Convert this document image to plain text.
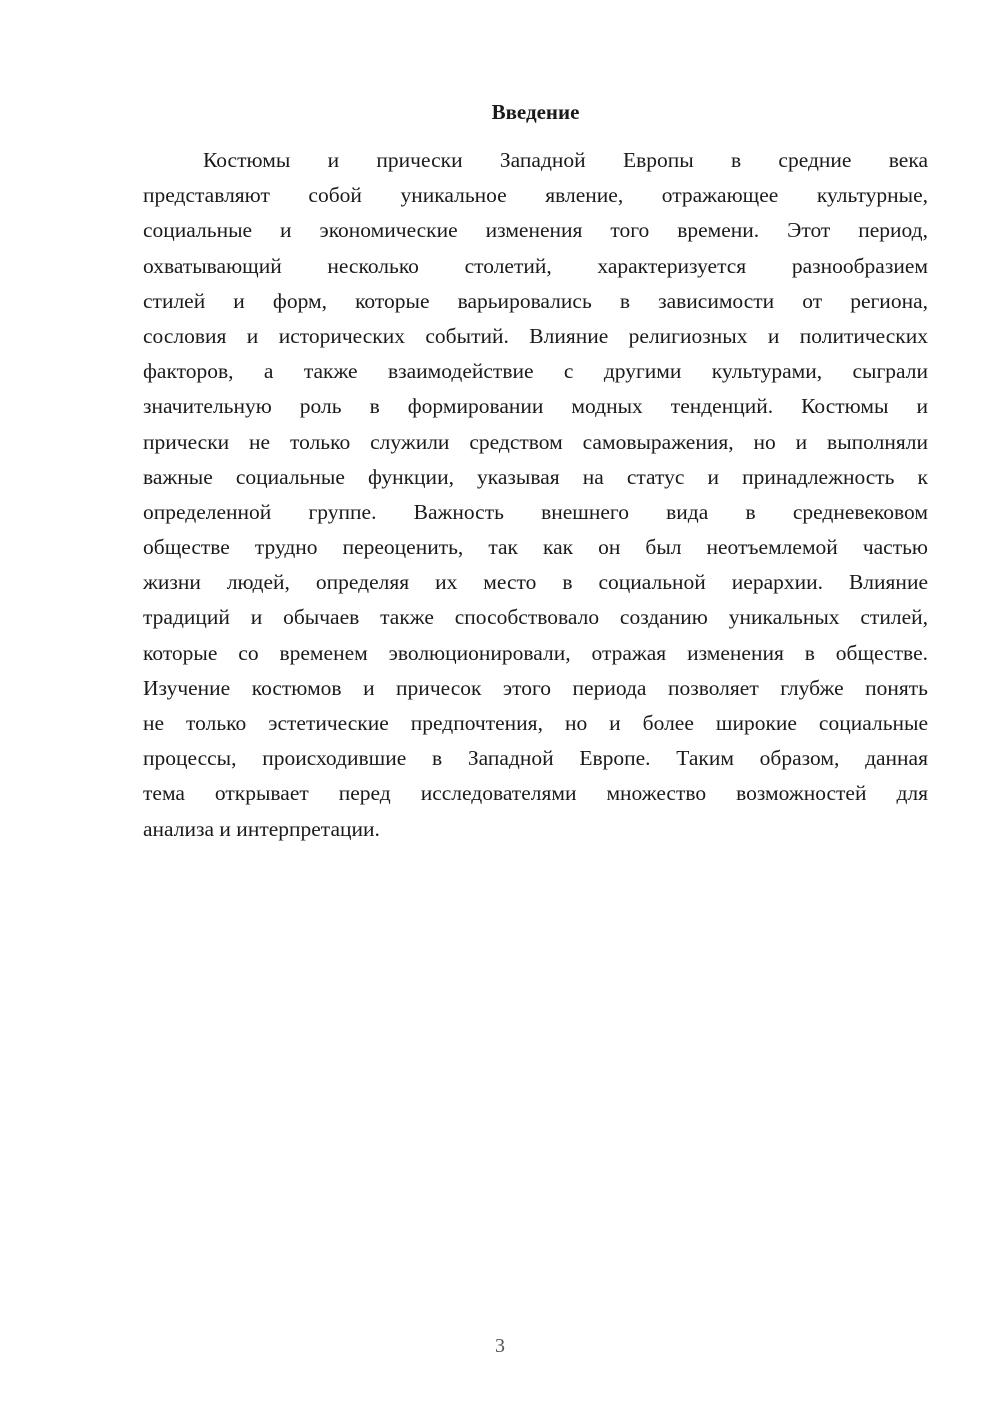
Введение
Костюмы и прически Западной Европы в средние века
представляют собой уникальное явление, отражающее культурные,
социальные и экономические изменения того времени. Этот период,
охватывающий несколько столетий, характеризуется разнообразием
стилей и форм, которые варьировались в зависимости от региона,
сословия и исторических событий. Влияние религиозных и политических
факторов, а также взаимодействие с другими культурами, сыграли
значительную роль в формировании модных тенденций. Костюмы и
прически не только служили средством самовыражения, но и выполняли
важные социальные функции, указывая на статус и принадлежность к
определенной группе. Важность внешнего вида в средневековом
обществе трудно переоценить, так как он был неотъемлемой частью
жизни людей, определяя их место в социальной иерархии. Влияние
традиций и обычаев также способствовало созданию уникальных стилей,
которые со временем эволюционировали, отражая изменения в обществе.
Изучение костюмов и причесок этого периода позволяет глубже понять
не только эстетические предпочтения, но и более широкие социальные
процессы, происходившие в Западной Европе. Таким образом, данная
тема открывает перед исследователями множество возможностей для
анализа и интерпретации.
3
